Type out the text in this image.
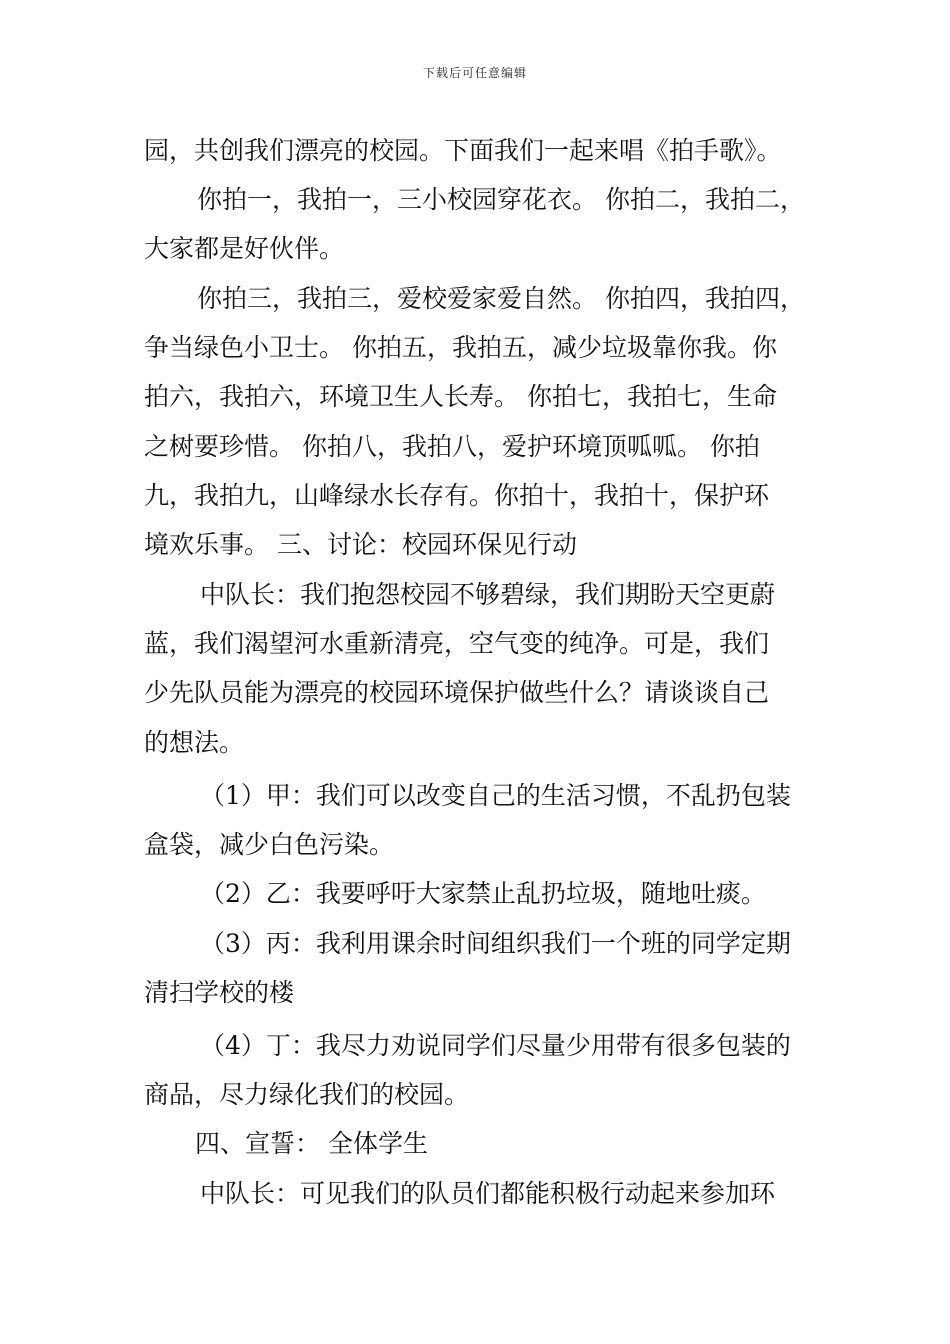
下载后可任意编辑
园，共创我们漂亮的校园。下面我们一起来唱《拍手歌》。
你拍一，我拍一，三小校园穿花衣。 你拍二，我拍二，
大家都是好伙伴。
你拍三，我拍三，爱校爱家爱自然。 你拍四，我拍四，
争当绿色小卫士。 你拍五，我拍五，减少垃圾靠你我。你
拍六，我拍六，环境卫生人长寿。 你拍七，我拍七，生命
之树要珍惜。 你拍八，我拍八，爱护环境顶呱呱。 你拍
九，我拍九，山峰绿水长存有。你拍十，我拍十，保护环
境欢乐事。 三、讨论：校园环保见行动
中队长：我们抱怨校园不够碧绿，我们期盼天空更蔚
蓝，我们渴望河水重新清亮，空气变的纯净。可是，我们
少先队员能为漂亮的校园环境保护做些什么？请谈谈自己
的想法。
（1）甲：我们可以改变自己的生活习惯，不乱扔包装
盒袋，减少白色污染。
（2）乙：我要呼吁大家禁止乱扔垃圾，随地吐痰。
（3）丙：我利用课余时间组织我们一个班的同学定期
清扫学校的楼
（4）丁：我尽力劝说同学们尽量少用带有很多包装的
商品，尽力绿化我们的校园。
四、宣誓： 全体学生
中队长：可见我们的队员们都能积极行动起来参加环
